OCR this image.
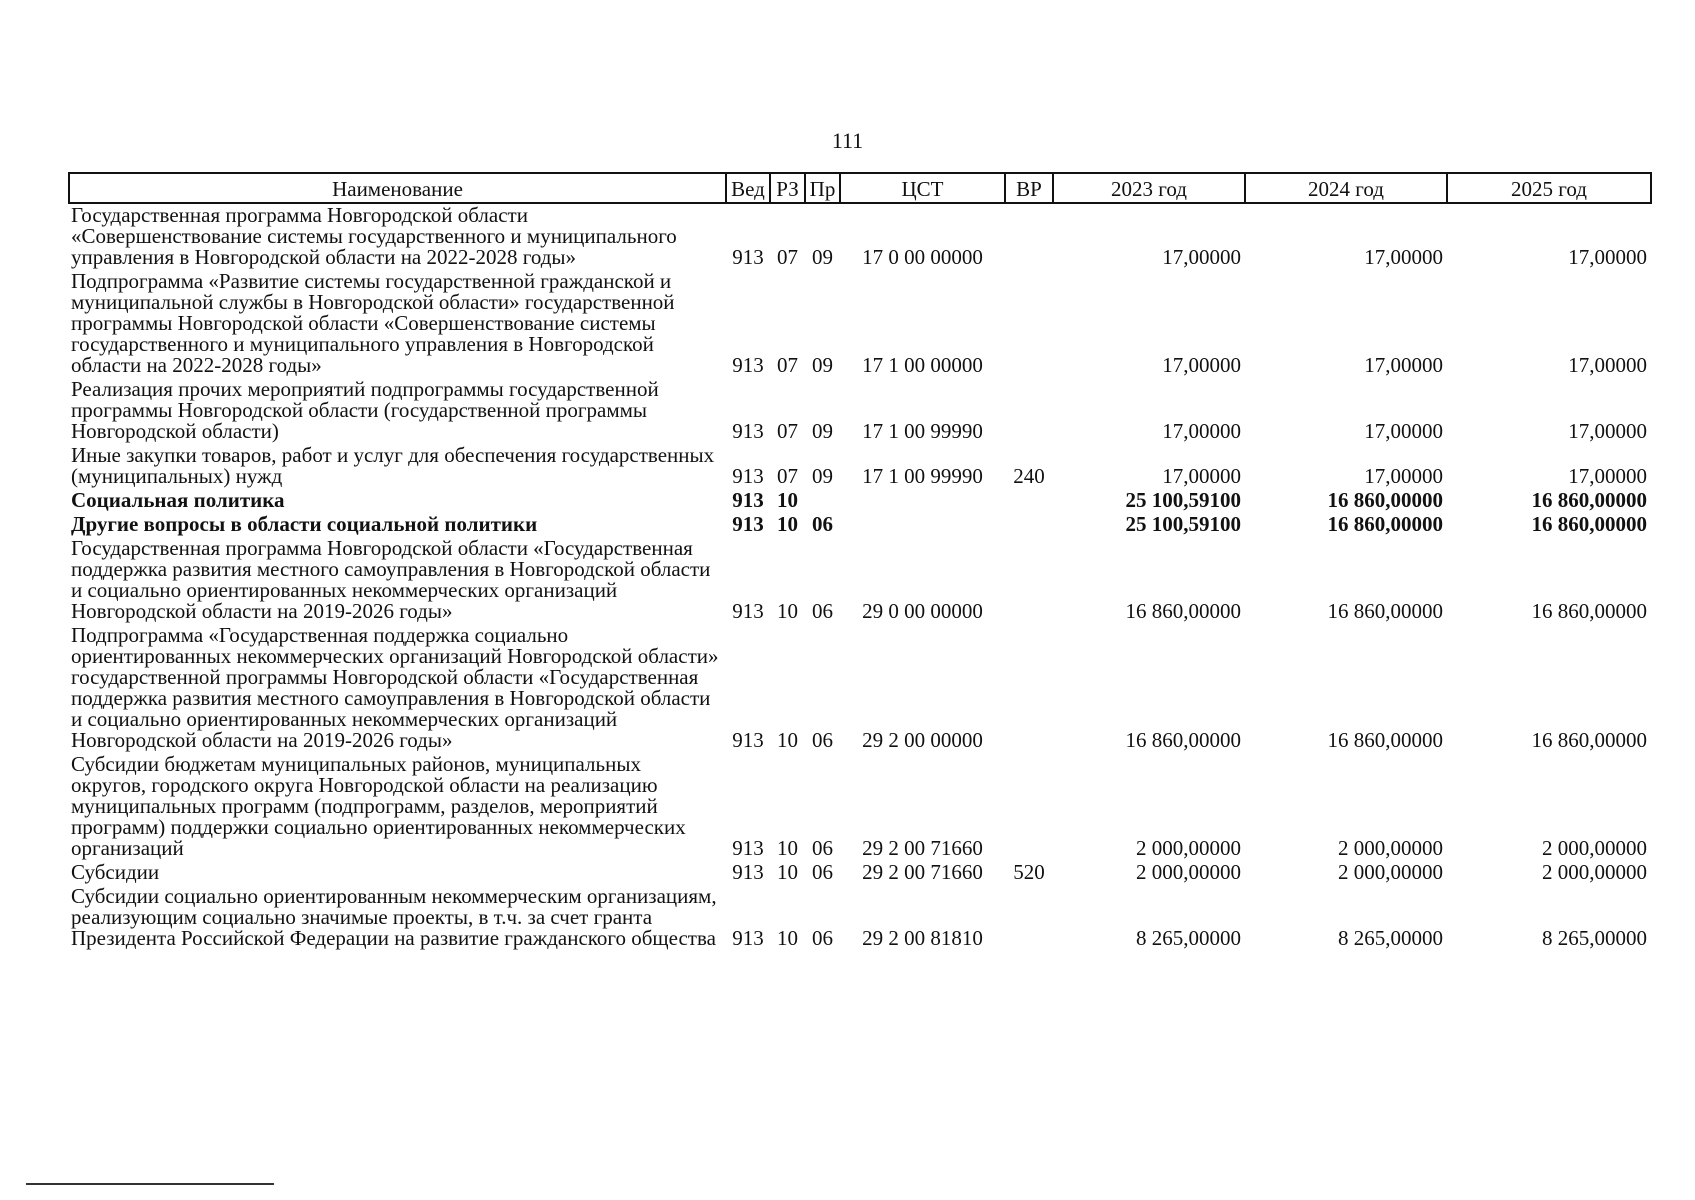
111
Наименование	Вед	РЗ	Пр	ЦСТ	ВР	2023 год	2024 год	2025 год
Государственная программа Новгородской области «Совершенствование системы государственного и муниципального управления в Новгородской области на 2022-2028 годы»	913	07	09	17 0 00 00000		17,00000	17,00000	17,00000
Подпрограмма «Развитие системы государственной гражданской и муниципальной службы в Новгородской области» государственной программы Новгородской области «Совершенствование системы государственного и муниципального управления в Новгородской области на 2022-2028 годы»	913	07	09	17 1 00 00000		17,00000	17,00000	17,00000
Реализация прочих мероприятий подпрограммы государственной программы Новгородской области (государственной программы Новгородской области)	913	07	09	17 1 00 99990		17,00000	17,00000	17,00000
Иные закупки товаров, работ и услуг для обеспечения государственных (муниципальных) нужд	913	07	09	17 1 00 99990	240	17,00000	17,00000	17,00000
Социальная политика	913	10				25 100,59100	16 860,00000	16 860,00000
Другие вопросы в области социальной политики	913	10	06			25 100,59100	16 860,00000	16 860,00000
Государственная программа Новгородской области «Государственная поддержка развития местного самоуправления в Новгородской области и социально ориентированных некоммерческих организаций Новгородской области на 2019-2026 годы»	913	10	06	29 0 00 00000		16 860,00000	16 860,00000	16 860,00000
Подпрограмма «Государственная поддержка социально ориентированных некоммерческих организаций Новгородской области» государственной программы Новгородской области «Государственная поддержка развития местного самоуправления в Новгородской области и социально ориентированных некоммерческих организаций Новгородской области на 2019-2026 годы»	913	10	06	29 2 00 00000		16 860,00000	16 860,00000	16 860,00000
Субсидии бюджетам муниципальных районов, муниципальных округов, городского округа Новгородской области на реализацию муниципальных программ (подпрограмм, разделов, мероприятий программ) поддержки социально ориентированных некоммерческих организаций	913	10	06	29 2 00 71660		2 000,00000	2 000,00000	2 000,00000
Субсидии	913	10	06	29 2 00 71660	520	2 000,00000	2 000,00000	2 000,00000
Субсидии социально ориентированным некоммерческим организациям, реализующим социально значимые проекты, в т.ч. за счет гранта Президента Российской Федерации на развитие гражданского общества	913	10	06	29 2 00 81810		8 265,00000	8 265,00000	8 265,00000
